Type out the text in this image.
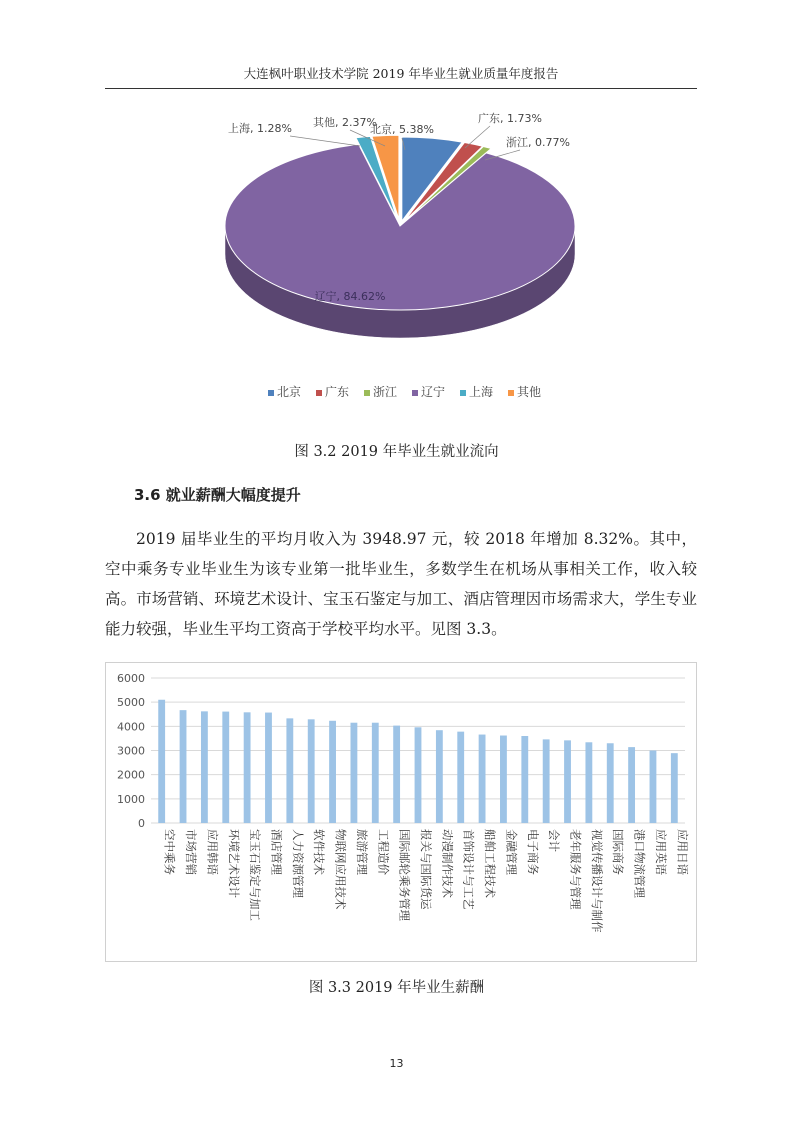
大连枫叶职业技术学院 2019 年毕业生就业质量年度报告
北京, 5.38%
广东, 1.73%
浙江, 0.77%
辽宁, 84.62%
上海, 1.28% 其他, 2.37%
北京 广东 浙江 辽宁 上海 其他
图 3.2 2019 年毕业生就业流向
3.6 就业薪酬大幅度提升

2019 届毕业生的平均月收入为 3948.97 元，较 2018 年增加 8.32%。其中，空中乘务专业毕业生为该专业第一批毕业生，多数学生在机场从事相关工作，收入较高。市场营销、环境艺术设计、宝玉石鉴定与加工、酒店管理因市场需求大，学生专业能力较强，毕业生平均工资高于学校平均水平。见图 3.3。

0
1000
2000
3000
4000
5000
6000
空中乘务 市场营销 应用韩语 环境艺术设计 宝玉石鉴定与加工 酒店管理 人力资源管理 软件技术 物联网应用技术 旅游管理 工程造价 国际邮轮乘务管理 报关与国际货运 动漫制作技术 首饰设计与工艺 船舶工程技术 金融管理 电子商务 会计 老年服务与管理 视觉传播设计与制作 国际商务 港口物流管理 应用英语 应用日语
图 3.3 2019 年毕业生薪酬
13
